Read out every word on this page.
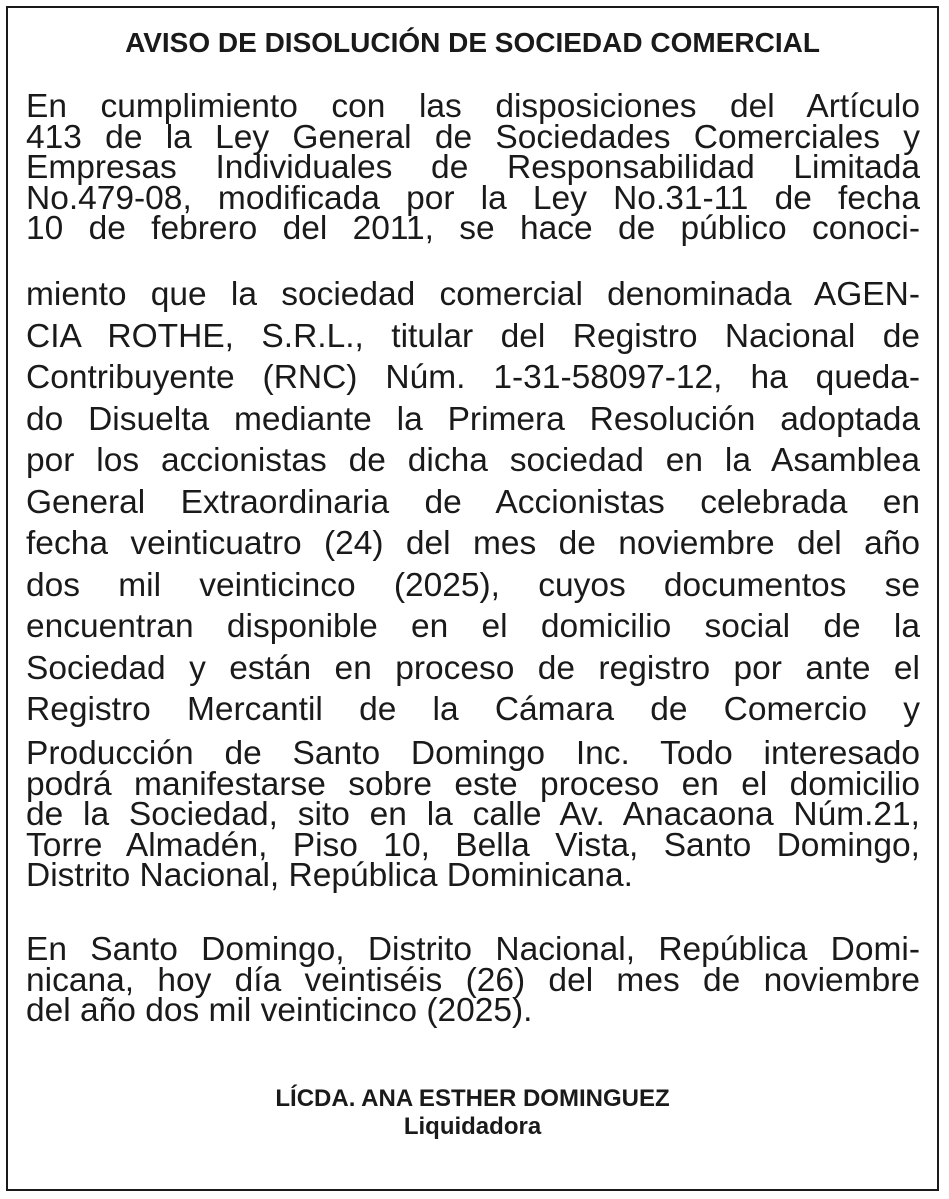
AVISO DE DISOLUCIÓN DE SOCIEDAD COMERCIAL
En cumplimiento con las disposiciones del Artículo
413 de la Ley General de Sociedades Comerciales y
Empresas Individuales de Responsabilidad Limitada
No.479-08, modificada por la Ley No.31-11 de fecha
10 de febrero del 2011, se hace de público conoci-
miento que la sociedad comercial denominada AGEN-
CIA ROTHE, S.R.L., titular del Registro Nacional de
Contribuyente (RNC) Núm. 1-31-58097-12, ha queda-
do Disuelta mediante la Primera Resolución adoptada
por los accionistas de dicha sociedad en la Asamblea
General Extraordinaria de Accionistas celebrada en
fecha veinticuatro (24) del mes de noviembre del año
dos mil veinticinco (2025), cuyos documentos se
encuentran disponible en el domicilio social de la
Sociedad y están en proceso de registro por ante el
Registro Mercantil de la Cámara de Comercio y
Producción de Santo Domingo Inc. Todo interesado
podrá manifestarse sobre este proceso en el domicilio
de la Sociedad, sito en la calle Av. Anacaona Núm.21,
Torre Almadén, Piso 10, Bella Vista, Santo Domingo,
Distrito Nacional, República Dominicana.
En Santo Domingo, Distrito Nacional, República Domi-
nicana, hoy día veintiséis (26) del mes de noviembre
del año dos mil veinticinco (2025).
LÍCDA. ANA ESTHER DOMINGUEZ
Liquidadora
